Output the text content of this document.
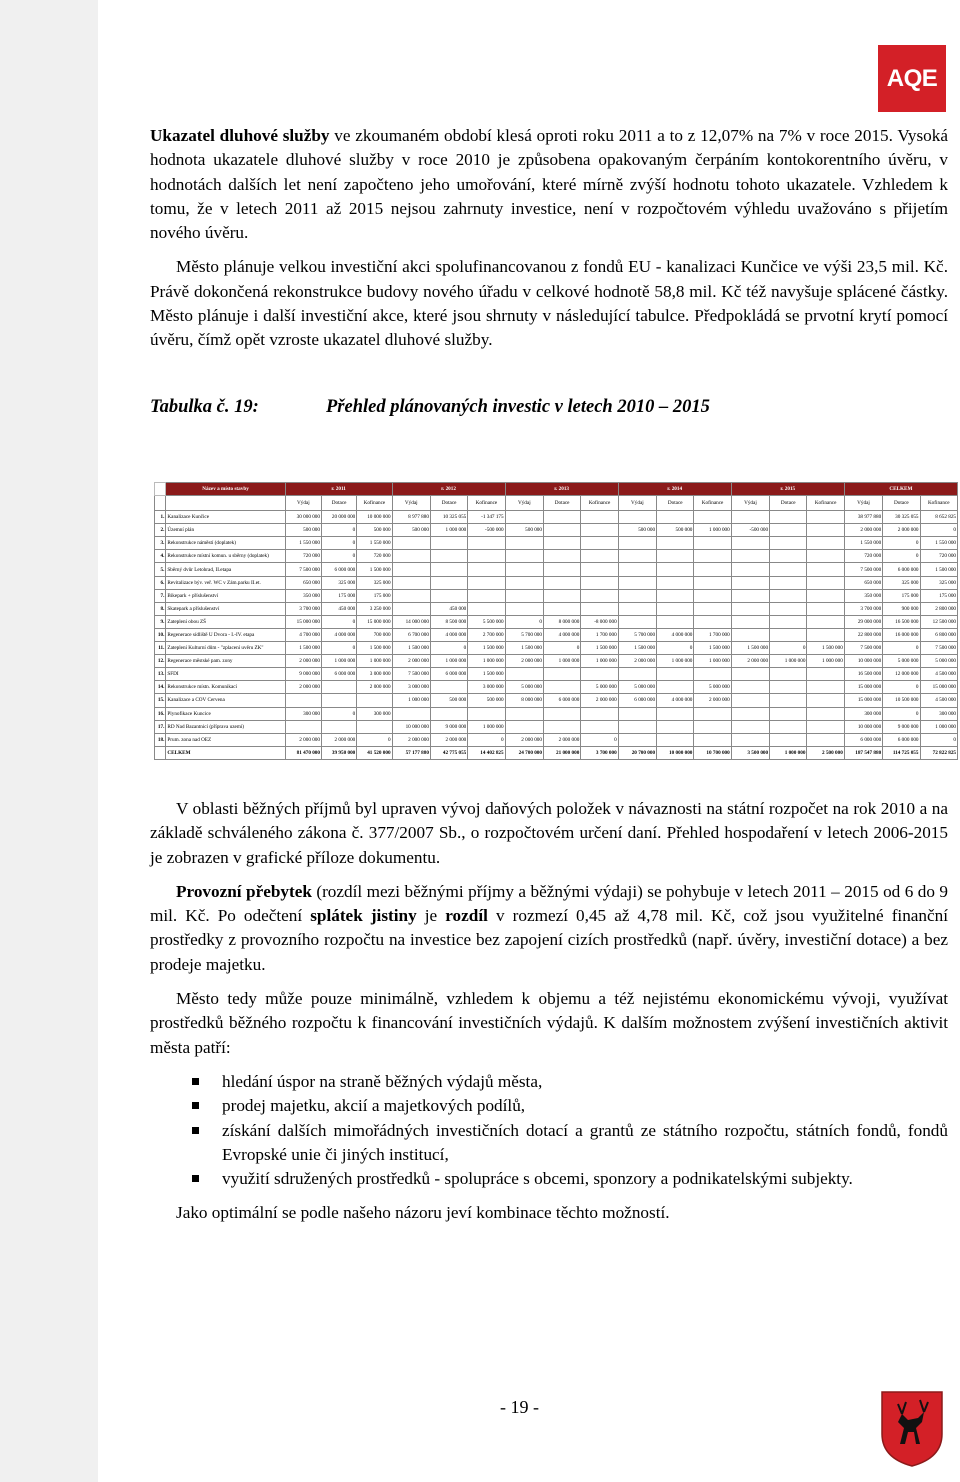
AQE

Ukazatel dluhové služby ve zkoumaném období klesá oproti roku 2011 a to z 12,07% na 7% v roce 2015. Vysoká hodnota ukazatele dluhové služby v roce 2010 je způsobena opakovaným čerpáním kontokorentního úvěru, v hodnotách dalších let není započteno jeho umořování, které mírně zvýší hodnotu tohoto ukazatele. Vzhledem k tomu, že v letech 2011 až 2015 nejsou zahrnuty investice, není v rozpočtovém výhledu uvažováno s přijetím nového úvěru.

Město plánuje velkou investiční akci spolufinancovanou z fondů EU - kanalizaci Kunčice ve výši 23,5 mil. Kč. Právě dokončená rekonstrukce budovy nového úřadu v celkové hodnotě 58,8 mil. Kč též navyšuje splácené částky. Město plánuje i další investiční akce, které jsou shrnuty v následující tabulce. Předpokládá se prvotní krytí pomocí úvěru, čímž opět vzroste ukazatel dluhové služby.

Tabulka č. 19:	Přehled plánovaných investic v letech 2010 – 2015
	Název a místo stavby	r. 2011			r. 2012			r. 2013			r. 2014			r. 2015			CELKEM		
		Výdaj	Dotace	Kofinance	Výdaj	Dotace	Kofinance	Výdaj	Dotace	Kofinance	Výdaj	Dotace	Kofinance	Výdaj	Dotace	Kofinance	Výdaj	Dotace	Kofinance
1.	Kanalizace Kunčice	30 000 000	20 000 000	10 000 000	8 977 880	10 325 055	-1 347 175										38 977 880	30 325 055	8 652 825
2.	Územní plán	500 000	0	500 000	500 000	1 000 000	-500 000	500 000			500 000	500 000	1 000 000	-500 000			2 000 000	2 000 000	0
3.	Rekonstrukce náměstí (doplatek)	1 550 000	0	1 550 000													1 550 000	0	1 550 000
4.	Rekonstrukce místní komun. u sběrny (doplatek)	720 000	0	720 000													720 000	0	720 000
5.	Sběrný dvůr Letohrad, II.etapa	7 500 000	6 000 000	1 500 000													7 500 000	6 000 000	1 500 000
6.	Revitalizace býv. veř. WC v Zám.parku II.et.	650 000	325 000	325 000													650 000	325 000	325 000
7.	Bikepark + příslušenství	350 000	175 000	175 000													350 000	175 000	175 000
8.	Skatepark a příslušenství	3 700 000	450 000	3 250 000		450 000											3 700 000	900 000	2 800 000
9.	Zateplení obou ZŠ	15 000 000	0	15 000 000	14 000 000	8 500 000	5 500 000	0	8 000 000	-8 000 000							29 000 000	16 500 000	12 500 000
10.	Regenerace sídliště U Dvora - I.-IV. etapa	4 700 000	4 000 000	700 000	6 700 000	4 000 000	2 700 000	5 700 000	4 000 000	1 700 000	5 700 000	4 000 000	1 700 000				22 800 000	16 000 000	6 800 000
11.	Zateplení Kulturní dům - "zplacení uvěru ZK"	1 500 000	0	1 500 000	1 500 000	0	1 500 000	1 500 000	0	1 500 000	1 500 000	0	1 500 000	1 500 000	0	1 500 000	7 500 000	0	7 500 000
12.	Regenerace městské pam. zony	2 000 000	1 000 000	1 000 000	2 000 000	1 000 000	1 000 000	2 000 000	1 000 000	1 000 000	2 000 000	1 000 000	1 000 000	2 000 000	1 000 000	1 000 000	10 000 000	5 000 000	5 000 000
13.	SFDI	9 000 000	6 000 000	3 000 000	7 500 000	6 000 000	1 500 000										16 500 000	12 000 000	4 500 000
14.	Rekonstrukce místn. Komunikací	2 000 000		2 000 000	3 000 000		3 000 000	5 000 000		5 000 000	5 000 000		5 000 000				15 000 000	0	15 000 000
15.	Kanalizace a COV Cervena				1 000 000	500 000	500 000	8 000 000	6 000 000	2 000 000	6 000 000	4 000 000	2 000 000				15 000 000	10 500 000	4 500 000
16.	Plynofikace Kuncice	300 000	0	300 000													300 000	0	300 000
17.	RD Nad Bazantnicí (příprava uzemí)				10 000 000	9 000 000	1 000 000										10 000 000	9 000 000	1 000 000
18.	Prum. zona nad OEZ	2 000 000	2 000 000	0	2 000 000	2 000 000	0	2 000 000	2 000 000	0							6 000 000	6 000 000	0
	CELKEM	81 470 000	39 950 000	41 520 000	57 177 880	42 775 055	14 402 825	24 700 000	21 000 000	3 700 000	20 700 000	10 000 000	10 700 000	3 500 000	1 000 000	2 500 000	187 547 880	114 725 055	72 822 825

V oblasti běžných příjmů byl upraven vývoj daňových položek v návaznosti na státní rozpočet na rok 2010 a na základě schváleného zákona č. 377/2007 Sb., o rozpočtovém určení daní. Přehled hospodaření v letech 2006-2015 je zobrazen v grafické příloze dokumentu.

Provozní přebytek (rozdíl mezi běžnými příjmy a běžnými výdaji) se pohybuje v letech 2011 – 2015 od 6 do 9 mil. Kč. Po odečtení splátek jistiny je rozdíl v rozmezí 0,45 až 4,78 mil. Kč, což jsou využitelné finanční prostředky z provozního rozpočtu na investice bez zapojení cizích prostředků (např. úvěry, investiční dotace) a bez prodeje majetku.

Město tedy může pouze minimálně, vzhledem k objemu a též nejistému ekonomickému vývoji, využívat prostředků běžného rozpočtu k financování investičních výdajů. K dalším možnostem zvýšení investičních aktivit města patří:

hledání úspor na straně běžných výdajů města,
prodej majetku, akcií a majetkových podílů,
získání dalších mimořádných investičních dotací a grantů ze státního rozpočtu, státních fondů, fondů Evropské unie či jiných institucí,
využití sdružených prostředků - spolupráce s obcemi, sponzory a podnikatelskými subjekty.

Jako optimální se podle našeho názoru jeví kombinace těchto možností.

- 19 -
